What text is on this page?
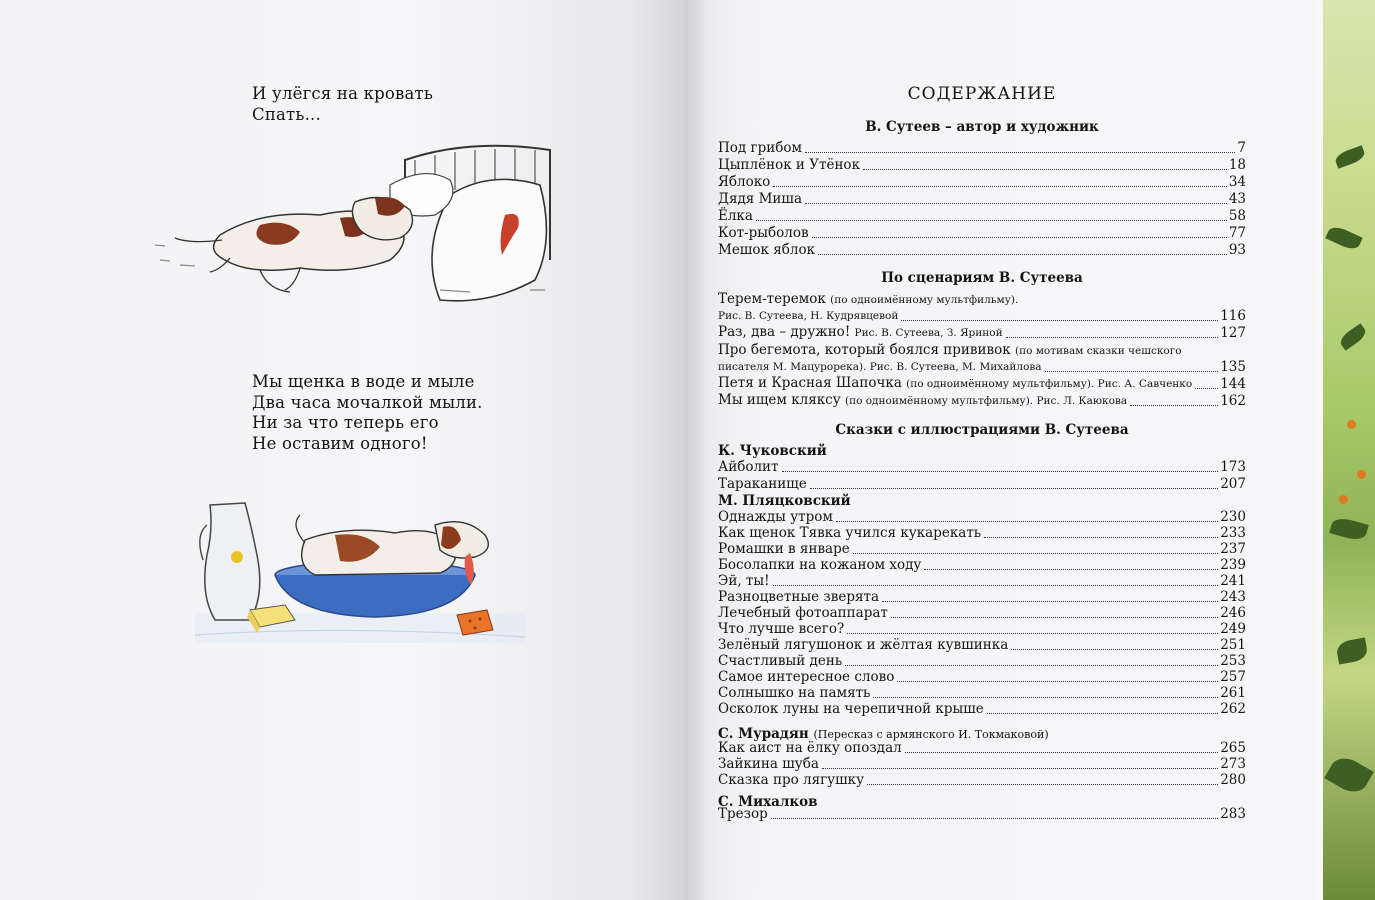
И улёгся на кровать
Спать...
Мы щенка в воде и мыле
Два часа мочалкой мыли.
Ни за что теперь его
Не оставим одного!
СОДЕРЖАНИЕ
В. Сутеев – автор и художник
Под грибом	7
Цыплёнок и Утёнок	18
Яблоко	34
Дядя Миша	43
Ёлка	58
Кот-рыболов	77
Мешок яблок	93
По сценариям В. Сутеева
Терем-теремок (по одноимённому мультфильму).
Рис. В. Сутеева, Н. Кудрявцевой	116
Раз, два – дружно! Рис. В. Сутеева, З. Яриной	127
Про бегемота, который боялся прививок (по мотивам сказки чешского
писателя М. Мацурорека). Рис. В. Сутеева, М. Михайлова	135
Петя и Красная Шапочка (по одноимённому мультфильму). Рис. А. Савченко 144
Мы ищем кляксу (по одноимённому мультфильму). Рис. Л. Каюкова	162
Сказки с иллюстрациями В. Сутеева
К. Чуковский
Айболит	173
Тараканище	207
М. Пляцковский
Однажды утром	230
Как щенок Тявка учился кукарекать	233
Ромашки в январе	237
Босолапки на кожаном ходу	239
Эй, ты!	241
Разноцветные зверята	243
Лечебный фотоаппарат	246
Что лучше всего?	249
Зелёный лягушонок и жёлтая кувшинка	251
Счастливый день	253
Самое интересное слово	257
Солнышко на память	261
Осколок луны на черепичной крыше	262
С. Мурадян (Пересказ с армянского И. Токмаковой)
Как аист на ёлку опоздал	265
Зайкина шуба	273
Сказка про лягушку	280
С. Михалков
Трезор	283
